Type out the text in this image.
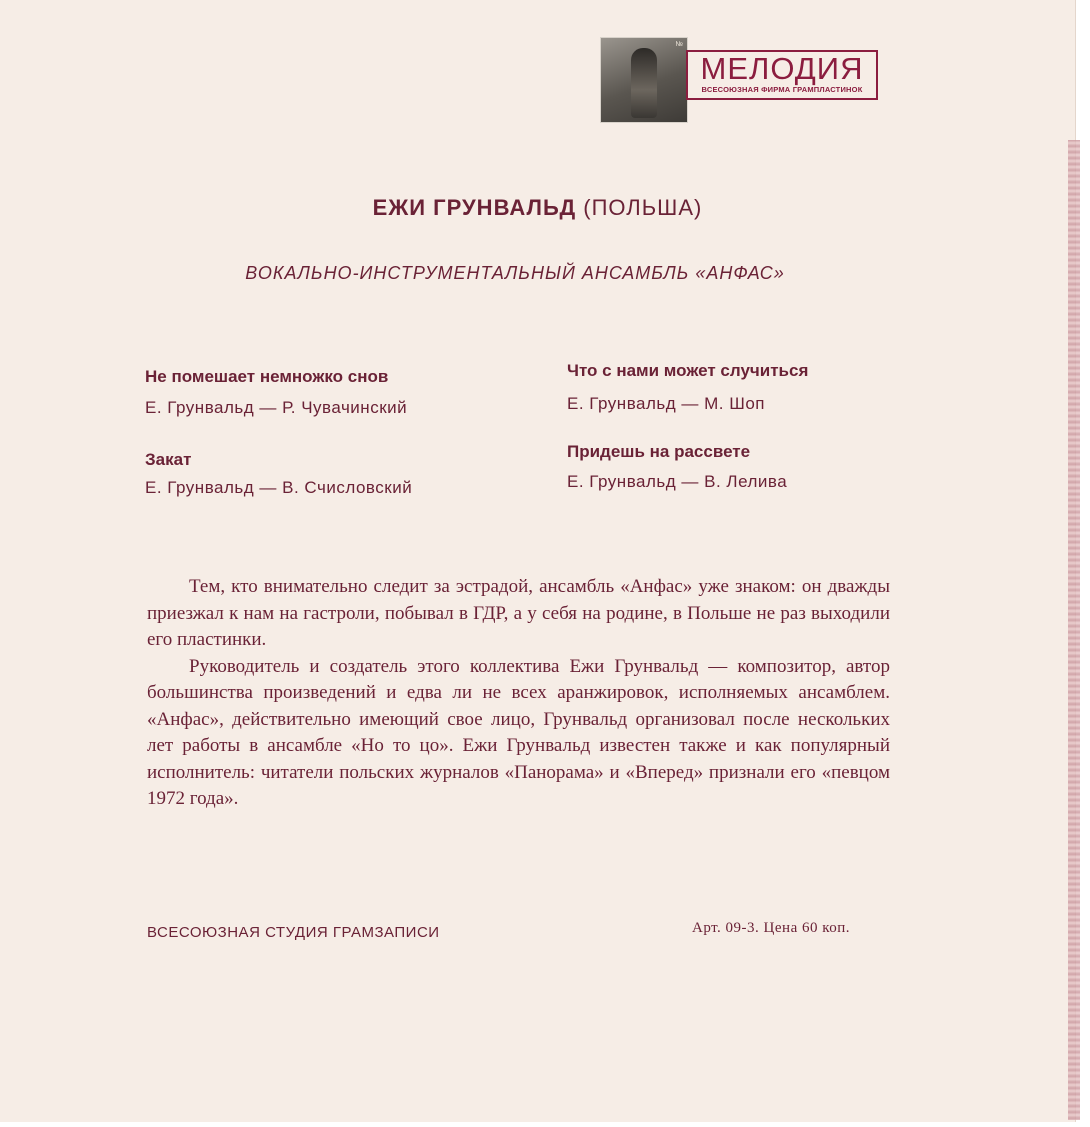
№
МЕЛОДИЯ
ВСЕСОЮЗНАЯ ФИРМА ГРАМПЛАСТИНОК
ЕЖИ ГРУНВАЛЬД (ПОЛЬША)
ВОКАЛЬНО-ИНСТРУМЕНТАЛЬНЫЙ АНСАМБЛЬ «АНФАС»
Не помешает немножко снов
Е. Грунвальд — Р. Чувачинский
Закат
Е. Грунвальд — В. Счисловский
Что с нами может случиться
Е. Грунвальд — М. Шоп
Придешь на рассвете
Е. Грунвальд — В. Лелива

Тем, кто внимательно следит за эстрадой, ансамбль «Анфас» уже знаком: он дважды приезжал к нам на гастроли, побывал в ГДР, а у себя на родине, в Польше не раз выходили его пластинки.

Руководитель и создатель этого коллектива Ежи Грунвальд — композитор, автор большинства произведений и едва ли не всех аранжировок, исполняемых ансамблем. «Анфас», действительно имеющий свое лицо, Грунвальд организовал после нескольких лет работы в ансамбле «Но то цо». Ежи Грунвальд известен также и как популярный исполнитель: читатели польских журналов «Панорама» и «Вперед» признали его «певцом 1972 года».

ВСЕСОЮЗНАЯ СТУДИЯ ГРАМЗАПИСИ	Арт. 09-3. Цена 60 коп.
